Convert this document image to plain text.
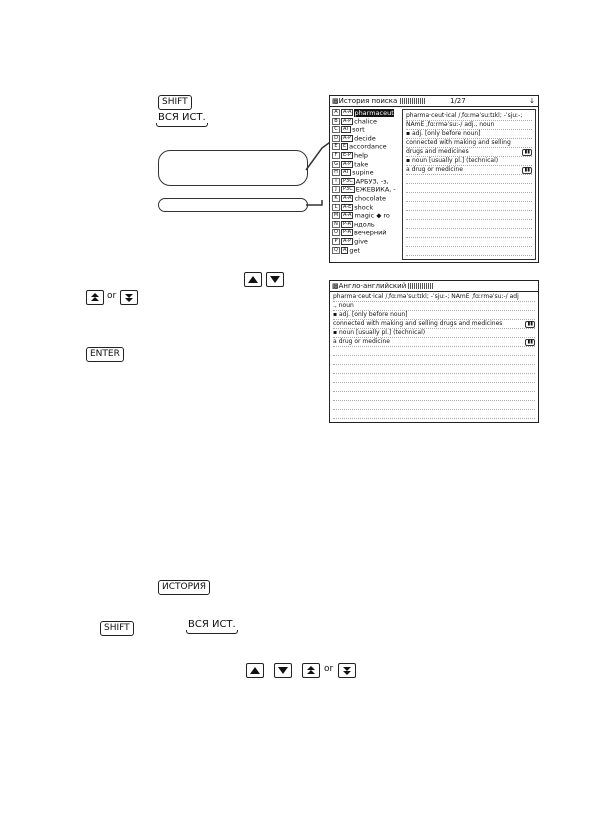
SHIFT
ВСЯ ИСТ.
▩История поиска	1/27	↓
A A-A pharmaceut
B A-P chalice
C AT sort
D A-P decide
E E accordance
F E-P help
G A-P take
H AT supine
I P3C АРБУЗ, -з,
J P3C ЕЖЕВИКА, -
K A-A chocolate
L A-E shock
M A-A magic ◆ ro
N P-A ндоль
O P-A вечерний
P A-P give
Q A get
pharma·ceut·ical /ˌfɑːməˈsuːtɪkl; -ˈsjuː-;
NAmE ˌfɑːrməˈsuː-/ adj., noun
▪ adj. [only before noun]
connected with making and selling
drugs and medicines	▮▮
▪ noun [usually pl.] (technical)
a drug or medicine	▮▮
or
ENTER
▩Англо-английский
pharma·ceut·ical /ˌfɑːməˈsuːtɪkl; -ˈsjuː-; NAmE ˌfɑːrməˈsuː-/ adj
., noun
▪ adj. [only before noun]
connected with making and selling drugs and medicines	▮▮
▪ noun [usually pl.] (technical)
a drug or medicine	▮▮
ИСТОРИЯ
SHIFT	ВСЯ ИСТ.
or
